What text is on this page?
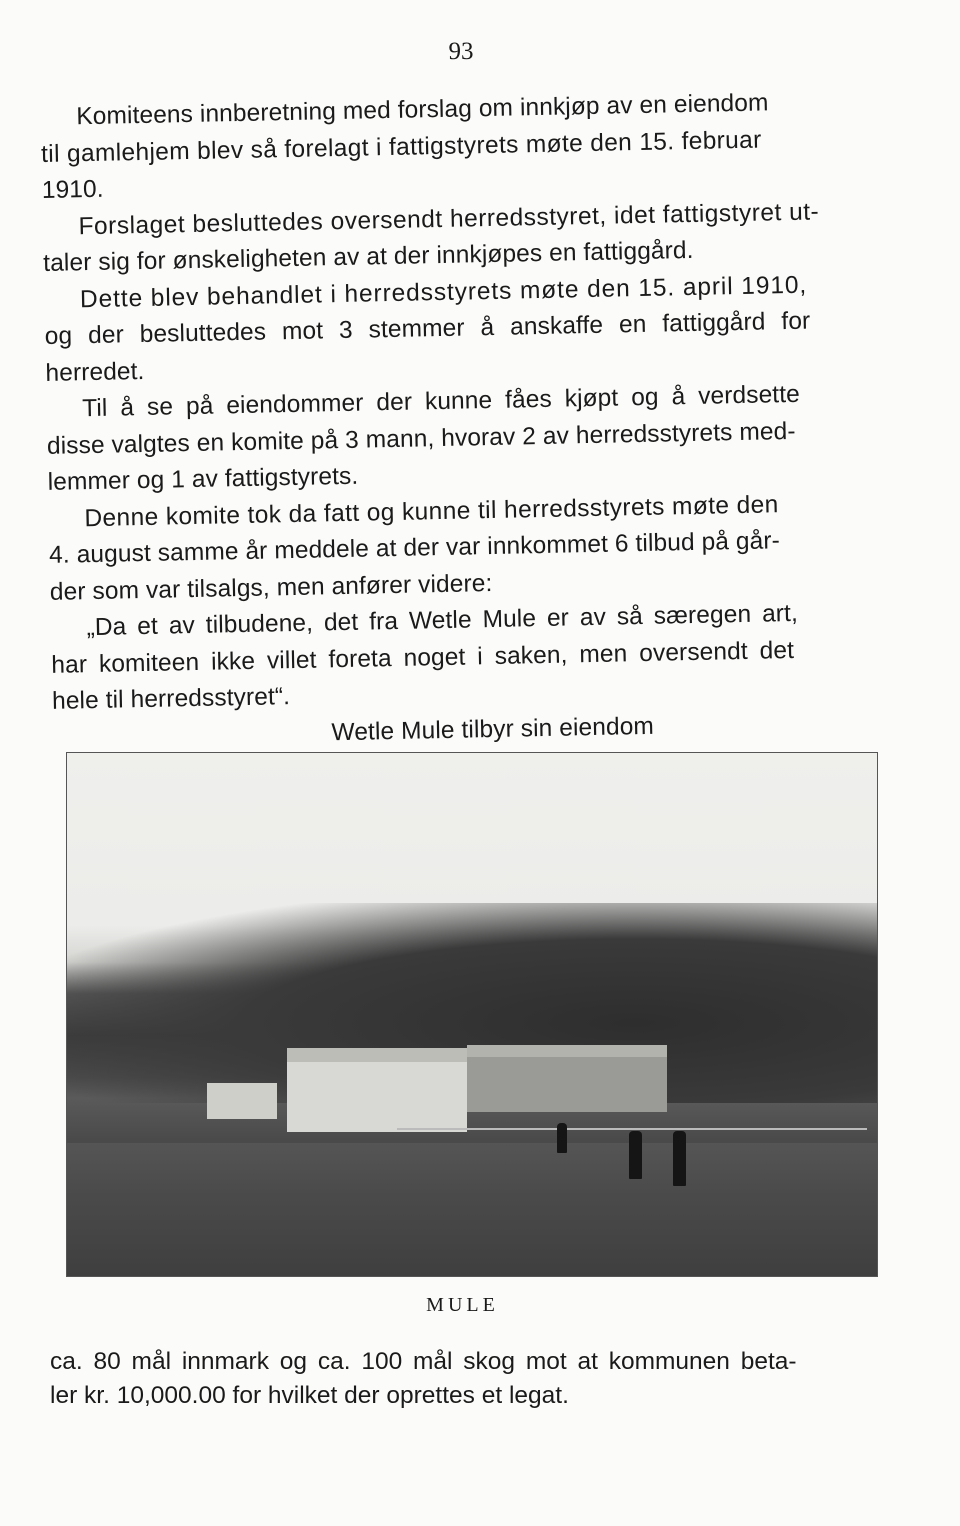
93

Komiteens innberetning med forslag om innkjøp av en eiendom
til gamlehjem blev så forelagt i fattigstyrets møte den 15. februar
1910.

Forslaget besluttedes oversendt herredsstyret, idet fattigstyret ut-
taler sig for ønskeligheten av at der innkjøpes en fattiggård.

Dette blev behandlet i herredsstyrets møte den 15. april 1910,
og der besluttedes mot 3 stemmer å anskaffe en fattiggård for
herredet.

Til å se på eiendommer der kunne fåes kjøpt og å verdsette
disse valgtes en komite på 3 mann, hvorav 2 av herredsstyrets med-
lemmer og 1 av fattigstyrets.

Denne komite tok da fatt og kunne til herredsstyrets møte den
4. august samme år meddele at der var innkommet 6 tilbud på går-
der som var tilsalgs, men anfører videre:

„Da et av tilbudene, det fra Wetle Mule er av så særegen art,
har komiteen ikke villet foreta noget i saken, men oversendt det
hele til herredsstyret“.

Wetle Mule tilbyr sin eiendom
MULE
ca. 80 mål innmark og ca. 100 mål skog mot at kommunen beta-
ler kr. 10,000.00 for hvilket der oprettes et legat.
